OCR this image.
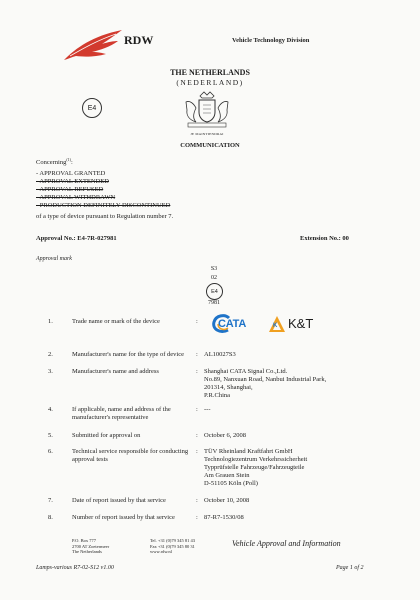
RDW	Vehicle Technology Division
THE NETHERLANDS
(NEDERLAND)
E4
JE MAINTIENDRAI
COMMUNICATION
Concerning$^{(1)}$:
- APPROVAL GRANTED
- APPROVAL EXTENDED
- APPROVAL REFUSED
- APPROVAL WITHDRAWN
- PRODUCTION DEFINITELY DISCONTINUED
of a type of device pursuant to Regulation number 7.
Approval No.: E4-7R-027981	Extension No.: 00
Approval mark
S3
02
E4
7981
1.	Trade name or mark of the device	: CATA	K K&T
2.	Manufacturer's name for the type of device	: AL10027S3
3.	Manufacturer's name and address	: Shanghai CATA Signal Co.,Ltd.
No.89, Nanxuan Road, Nanbui Industrial Park,
201314, Shanghai,
P.R.China
4.	If applicable, name and address of the
manufacturer's representative
: ---
5.	Submitted for approval on	: October 6, 2008
6.	Technical service responsible for conducting
approval tests
: TÜV Rheinland Kraftfahrt GmbH
Technologiezentrum Verkehrssicherheit
Typprüfstelle Fahrzeuge/Fahrzeugteile
Am Grauen Stein
D-51105 Köln (Poll)
7.	Date of report issued by that service	: October 10, 2008
8.	Number of report issued by that service	: 87-R7-1530/08
P.O. Box 777
2700 AT Zoetermeer
The Netherlands
Tel. +31 (0)79 345 81 43
Fax +31 (0)79 345 80 31
www.rdw.nl
Vehicle Approval and Information
Lamps-various R7-02-S12 v1.00	Page 1 of 2
